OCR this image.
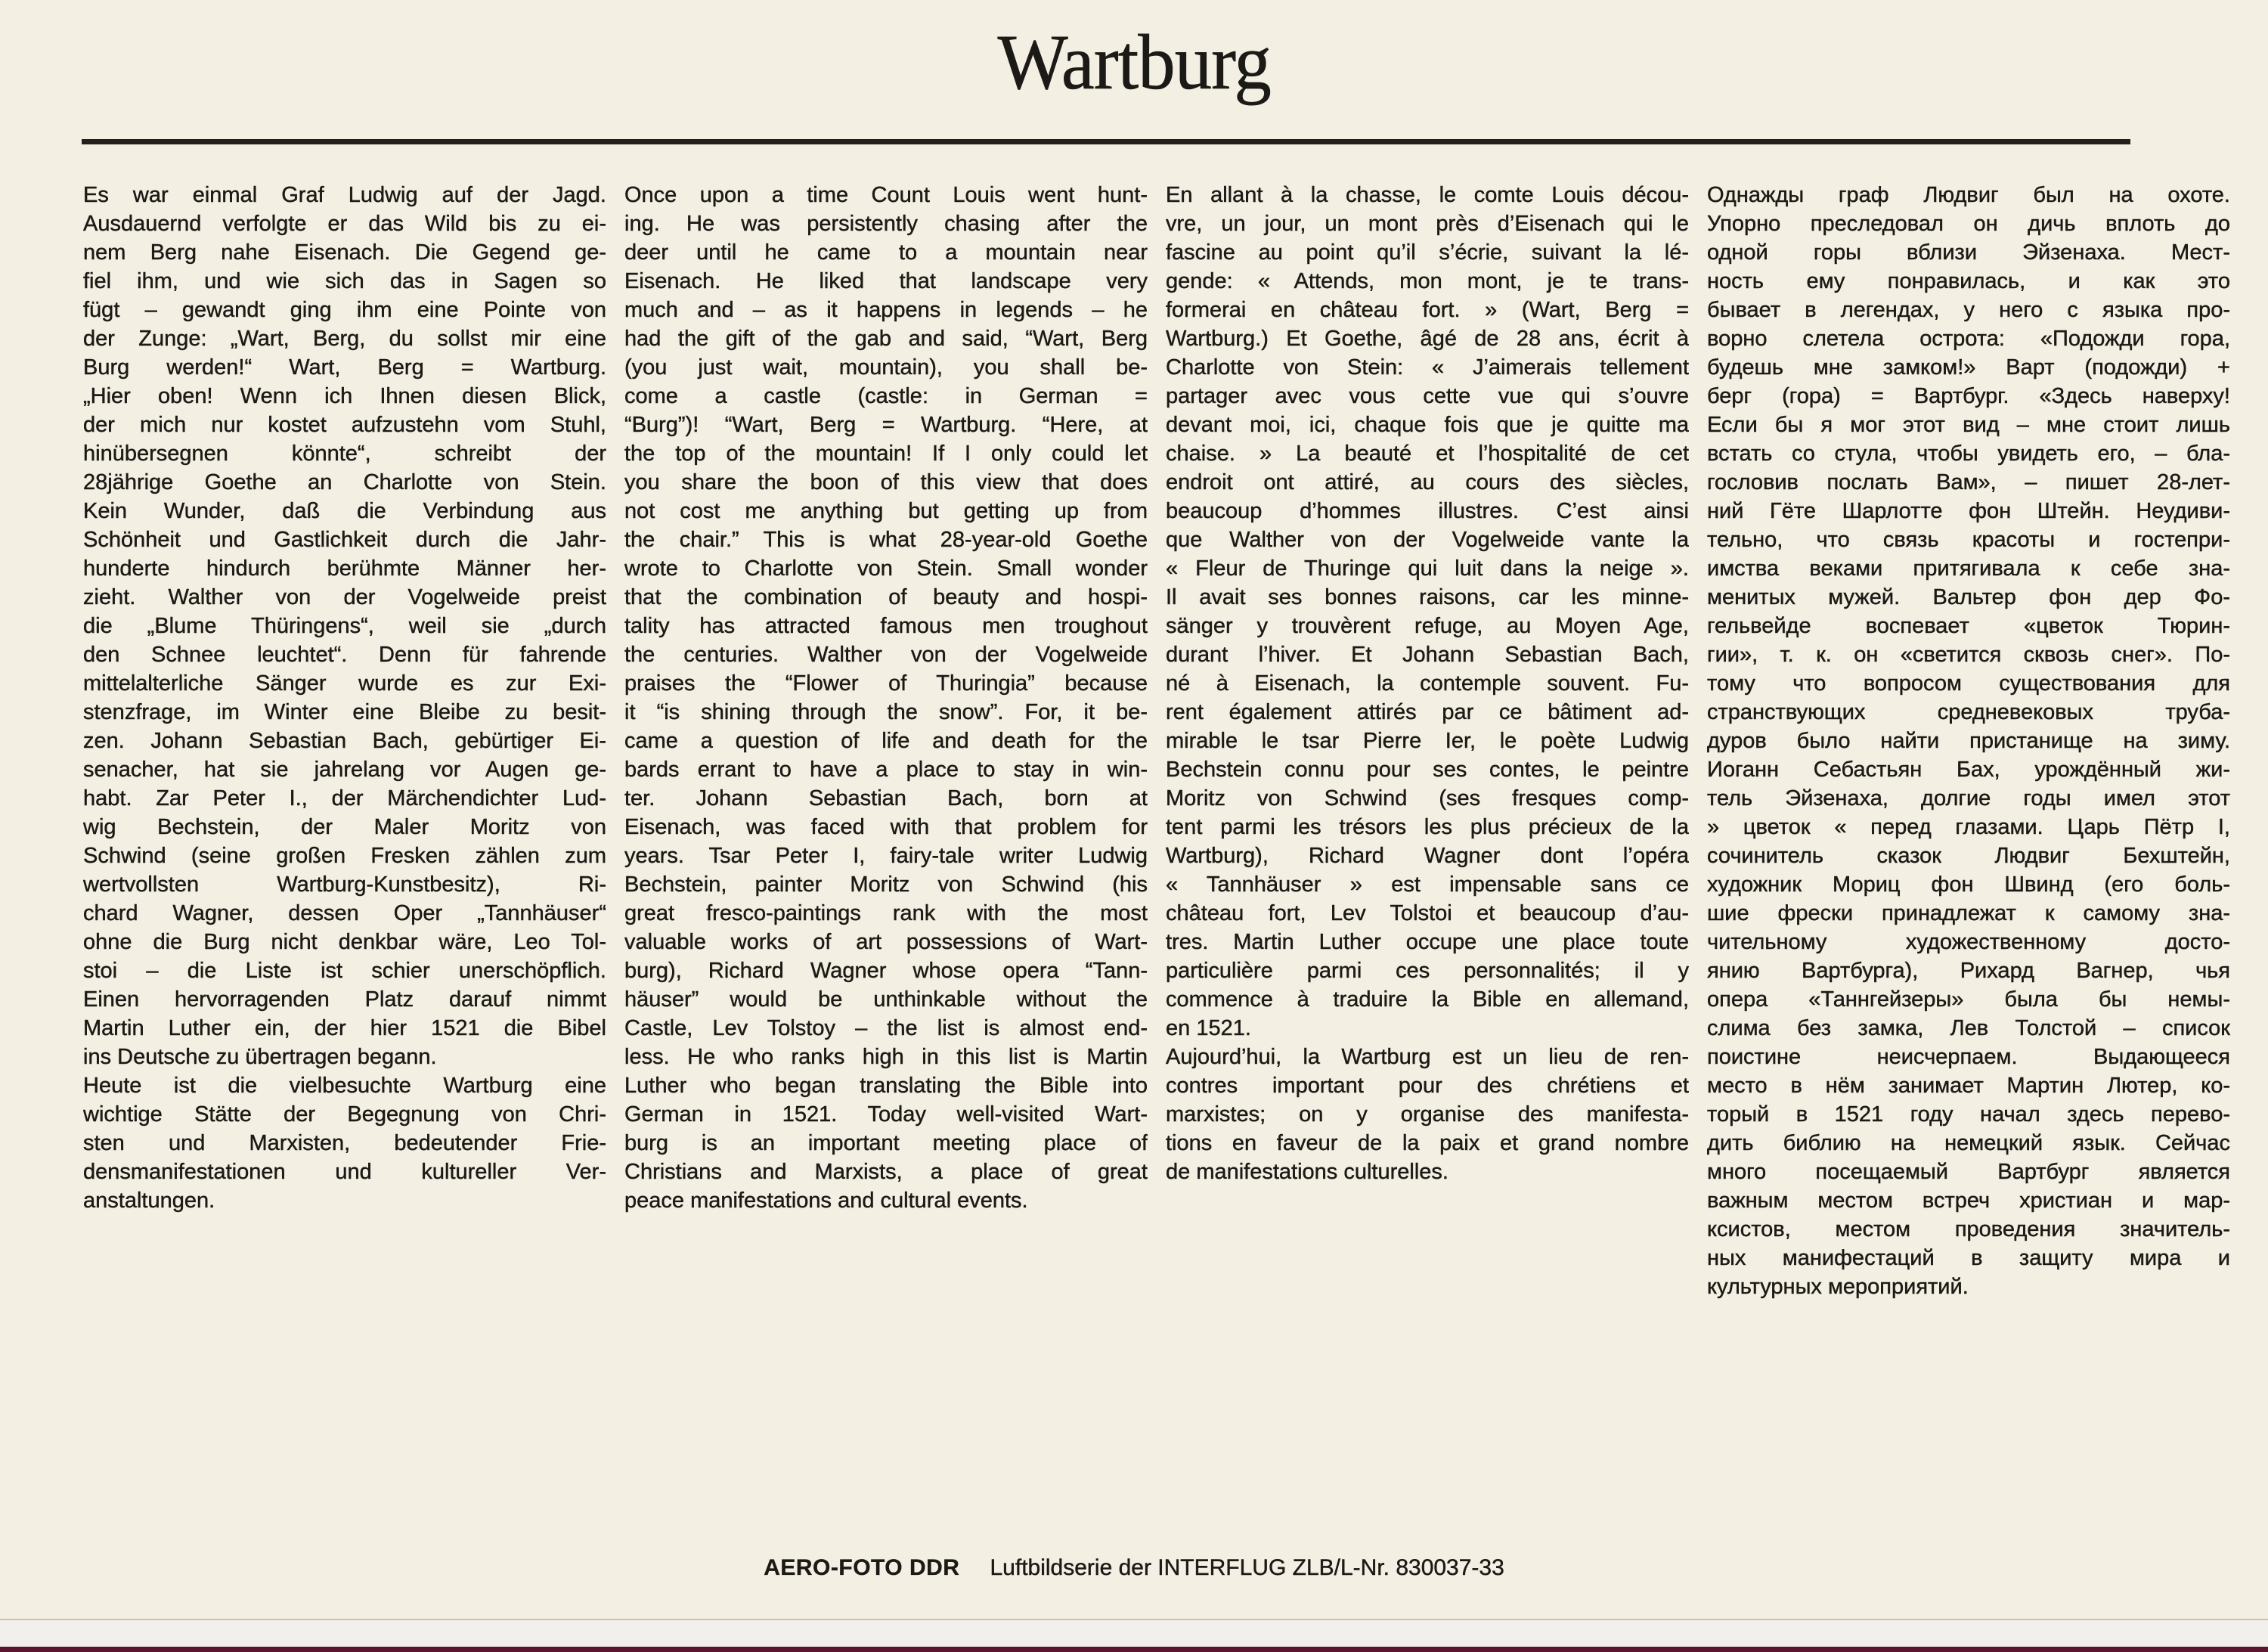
Wartburg
Es war einmal Graf Ludwig auf der Jagd.
Ausdauernd verfolgte er das Wild bis zu ei-
nem Berg nahe Eisenach. Die Gegend ge-
fiel ihm, und wie sich das in Sagen so
fügt – gewandt ging ihm eine Pointe von
der Zunge: „Wart, Berg, du sollst mir eine
Burg werden!“ Wart, Berg = Wartburg.
„Hier oben! Wenn ich Ihnen diesen Blick,
der mich nur kostet aufzustehn vom Stuhl,
hinübersegnen könnte“, schreibt der
28jährige Goethe an Charlotte von Stein.
Kein Wunder, daß die Verbindung aus
Schönheit und Gastlichkeit durch die Jahr-
hunderte hindurch berühmte Männer her-
zieht. Walther von der Vogelweide preist
die „Blume Thüringens“, weil sie „durch
den Schnee leuchtet“. Denn für fahrende
mittelalterliche Sänger wurde es zur Exi-
stenzfrage, im Winter eine Bleibe zu besit-
zen. Johann Sebastian Bach, gebürtiger Ei-
senacher, hat sie jahrelang vor Augen ge-
habt. Zar Peter I., der Märchendichter Lud-
wig Bechstein, der Maler Moritz von
Schwind (seine großen Fresken zählen zum
wertvollsten Wartburg-Kunstbesitz), Ri-
chard Wagner, dessen Oper „Tannhäuser“
ohne die Burg nicht denkbar wäre, Leo Tol-
stoi – die Liste ist schier unerschöpflich.
Einen hervorragenden Platz darauf nimmt
Martin Luther ein, der hier 1521 die Bibel
ins Deutsche zu übertragen begann.
Heute ist die vielbesuchte Wartburg eine
wichtige Stätte der Begegnung von Chri-
sten und Marxisten, bedeutender Frie-
densmanifestationen und kultureller Ver-
anstaltungen.
Once upon a time Count Louis went hunt-
ing. He was persistently chasing after the
deer until he came to a mountain near
Eisenach. He liked that landscape very
much and – as it happens in legends – he
had the gift of the gab and said, “Wart, Berg
(you just wait, mountain), you shall be-
come a castle (castle: in German =
“Burg”)! “Wart, Berg = Wartburg. “Here, at
the top of the mountain! If I only could let
you share the boon of this view that does
not cost me anything but getting up from
the chair.” This is what 28-year-old Goethe
wrote to Charlotte von Stein. Small wonder
that the combination of beauty and hospi-
tality has attracted famous men troughout
the centuries. Walther von der Vogelweide
praises the “Flower of Thuringia” because
it “is shining through the snow”. For, it be-
came a question of life and death for the
bards errant to have a place to stay in win-
ter. Johann Sebastian Bach, born at
Eisenach, was faced with that problem for
years. Tsar Peter I, fairy-tale writer Ludwig
Bechstein, painter Moritz von Schwind (his
great fresco-paintings rank with the most
valuable works of art possessions of Wart-
burg), Richard Wagner whose opera “Tann-
häuser” would be unthinkable without the
Castle, Lev Tolstoy – the list is almost end-
less. He who ranks high in this list is Martin
Luther who began translating the Bible into
German in 1521. Today well-visited Wart-
burg is an important meeting place of
Christians and Marxists, a place of great
peace manifestations and cultural events.
En allant à la chasse, le comte Louis décou-
vre, un jour, un mont près d’Eisenach qui le
fascine au point qu’il s’écrie, suivant la lé-
gende: « Attends, mon mont, je te trans-
formerai en château fort. » (Wart, Berg =
Wartburg.) Et Goethe, âgé de 28 ans, écrit à
Charlotte von Stein: « J’aimerais tellement
partager avec vous cette vue qui s’ouvre
devant moi, ici, chaque fois que je quitte ma
chaise. » La beauté et l’hospitalité de cet
endroit ont attiré, au cours des siècles,
beaucoup d’hommes illustres. C’est ainsi
que Walther von der Vogelweide vante la
« Fleur de Thuringe qui luit dans la neige ».
Il avait ses bonnes raisons, car les minne-
sänger y trouvèrent refuge, au Moyen Age,
durant l’hiver. Et Johann Sebastian Bach,
né à Eisenach, la contemple souvent. Fu-
rent également attirés par ce bâtiment ad-
mirable le tsar Pierre Ier, le poète Ludwig
Bechstein connu pour ses contes, le peintre
Moritz von Schwind (ses fresques comp-
tent parmi les trésors les plus précieux de la
Wartburg), Richard Wagner dont l’opéra
« Tannhäuser » est impensable sans ce
château fort, Lev Tolstoi et beaucoup d’au-
tres. Martin Luther occupe une place toute
particulière parmi ces personnalités; il y
commence à traduire la Bible en allemand,
en 1521.
Aujourd’hui, la Wartburg est un lieu de ren-
contres important pour des chrétiens et
marxistes; on y organise des manifesta-
tions en faveur de la paix et grand nombre
de manifestations culturelles.
Однажды граф Людвиг был на охоте.
Упорно преследовал он дичь вплоть до
одной горы вблизи Эйзенаха. Мест-
ность ему понравилась, и как это
бывает в легендах, у него с языка про-
ворно слетела острота: «Подожди гора,
будешь мне замком!» Варт (подожди) +
берг (гора) = Вартбург. «Здесь наверху!
Если бы я мог этот вид – мне стоит лишь
встать со стула, чтобы увидеть его, – бла-
гословив послать Вам», – пишет 28-лет-
ний Гёте Шарлотте фон Штейн. Неудиви-
тельно, что связь красоты и гостепри-
имства веками притягивала к себе зна-
менитых мужей. Вальтер фон дер Фо-
гельвейде воспевает «цветок Тюрин-
гии», т. к. он «светится сквозь снег». По-
тому что вопросом существования для
странствующих средневековых труба-
дуров было найти пристанище на зиму.
Иоганн Себастьян Бах, урождённый жи-
тель Эйзенаха, долгие годы имел этот
» цветок « перед глазами. Царь Пётр I,
сочинитель сказок Людвиг Бехштейн,
художник Мориц фон Швинд (его боль-
шие фрески принадлежат к самому зна-
чительному художественному досто-
янию Вартбурга), Рихард Вагнер, чья
опера «Таннгейзеры» была бы немы-
слима без замка, Лев Толстой – список
поистине неисчерпаем. Выдающееся
место в нём занимает Мартин Лютер, ко-
торый в 1521 году начал здесь перево-
дить библию на немецкий язык. Сейчас
много посещаемый Вартбург является
важным местом встреч христиан и мар-
ксистов, местом проведения значитель-
ных манифестаций в защиту мира и
культурных мероприятий.
AERO-FOTO DDR Luftbildserie der INTERFLUG ZLB/L-Nr. 830037-33
